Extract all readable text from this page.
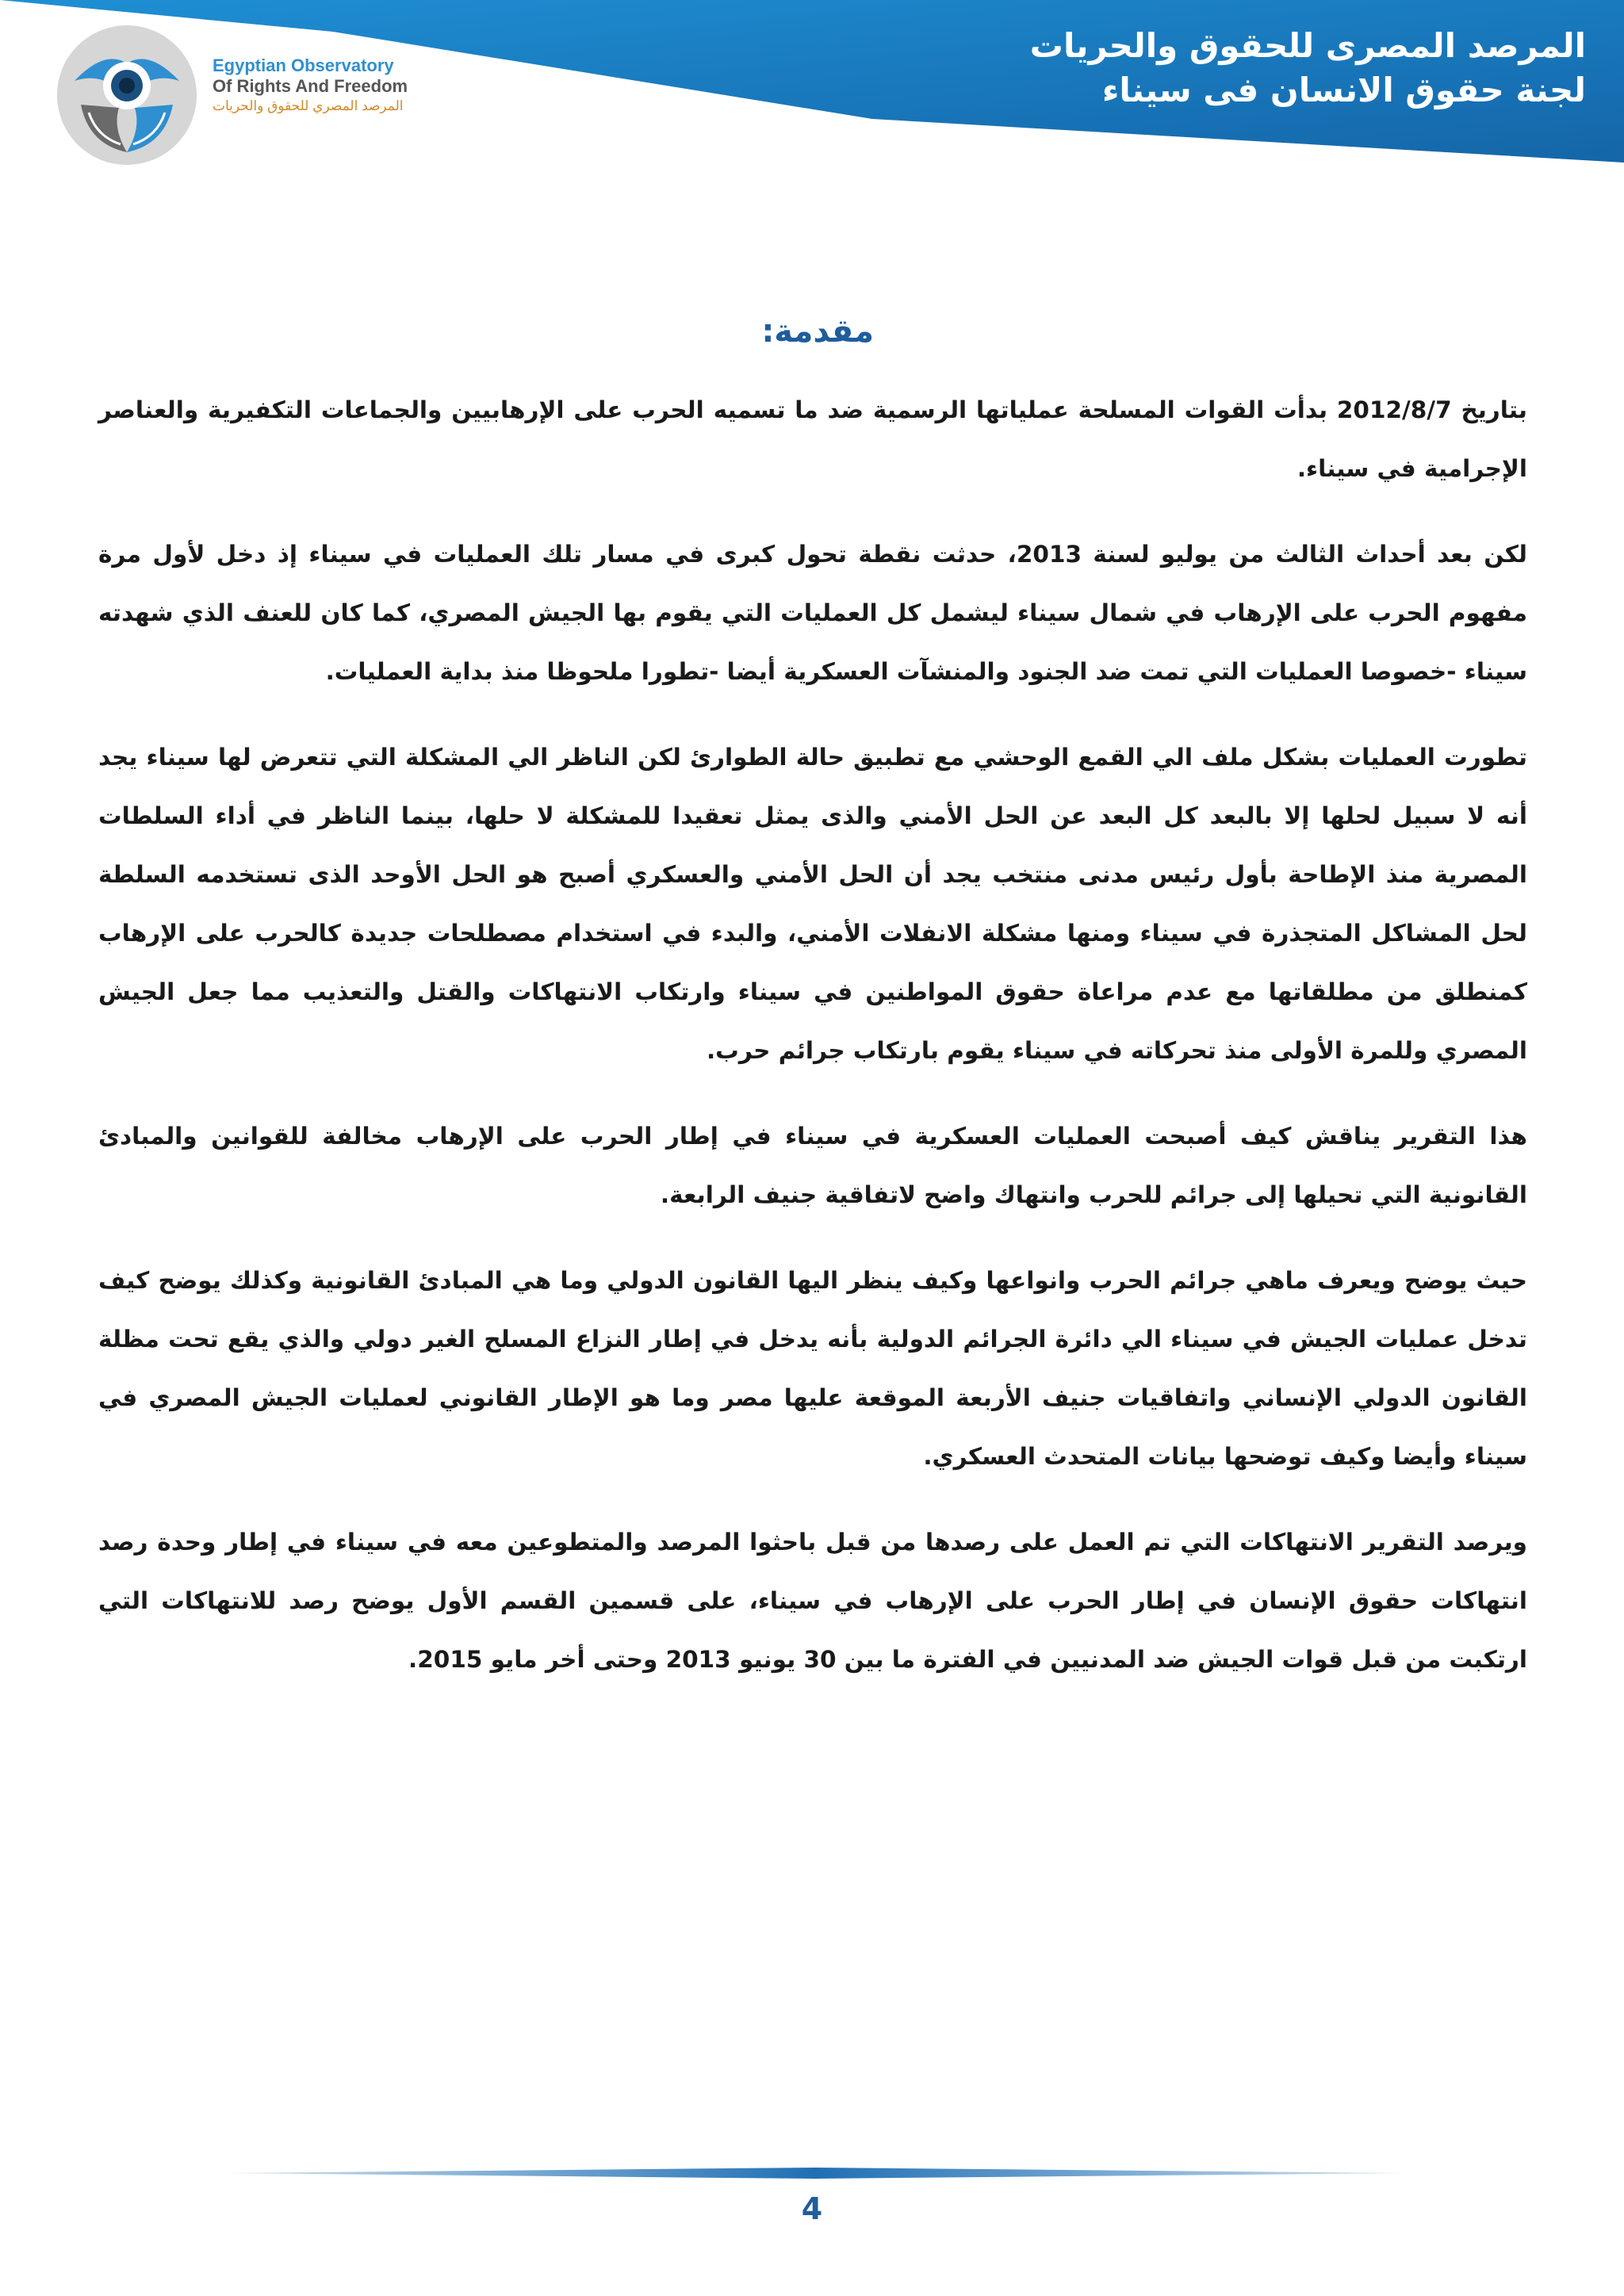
المرصد المصرى للحقوق والحريات
لجنة حقوق الانسان فى سيناء
Egyptian Observatory
Of Rights And Freedom
المرصد المصري للحقوق والحريات
مقدمة:

بتاريخ 2012/8/7 بدأت القوات المسلحة عملياتها الرسمية ضد ما تسميه الحرب على الإرهابيين والجماعات التكفيرية والعناصر الإجرامية في سيناء.

لكن بعد أحداث الثالث من يوليو لسنة 2013، حدثت نقطة تحول كبرى في مسار تلك العمليات في سيناء إذ دخل لأول مرة مفهوم الحرب على الإرهاب في شمال سيناء ليشمل كل العمليات التي يقوم بها الجيش المصري، كما كان للعنف الذي شهدته سيناء -خصوصا العمليات التي تمت ضد الجنود والمنشآت العسكرية أيضا -تطورا ملحوظا منذ بداية العمليات.

تطورت العمليات بشكل ملف الي القمع الوحشي مع تطبيق حالة الطوارئ لكن الناظر الي المشكلة التي تتعرض لها سيناء يجد أنه لا سبيل لحلها إلا بالبعد كل البعد عن الحل الأمني والذى يمثل تعقيدا للمشكلة لا حلها، بينما الناظر في أداء السلطات المصرية منذ الإطاحة بأول رئيس مدنى منتخب يجد أن الحل الأمني والعسكري أصبح هو الحل الأوحد الذى تستخدمه السلطة لحل المشاكل المتجذرة في سيناء ومنها مشكلة الانفلات الأمني، والبدء في استخدام مصطلحات جديدة كالحرب على الإرهاب كمنطلق من مطلقاتها مع عدم مراعاة حقوق المواطنين في سيناء وارتكاب الانتهاكات والقتل والتعذيب مما جعل الجيش المصري وللمرة الأولى منذ تحركاته في سيناء يقوم بارتكاب جرائم حرب.

هذا التقرير يناقش كيف أصبحت العمليات العسكرية في سيناء في إطار الحرب على الإرهاب مخالفة للقوانين والمبادئ القانونية التي تحيلها إلى جرائم للحرب وانتهاك واضح لاتفاقية جنيف الرابعة.

حيث يوضح ويعرف ماهي جرائم الحرب وانواعها وكيف ينظر اليها القانون الدولي وما هي المبادئ القانونية وكذلك يوضح كيف تدخل عمليات الجيش في سيناء الي دائرة الجرائم الدولية بأنه يدخل في إطار النزاع المسلح الغير دولي والذي يقع تحت مظلة القانون الدولي الإنساني واتفاقيات جنيف الأربعة الموقعة عليها مصر وما هو الإطار القانوني لعمليات الجيش المصري في سيناء وأيضا وكيف توضحها بيانات المتحدث العسكري.

ويرصد التقرير الانتهاكات التي تم العمل على رصدها من قبل باحثوا المرصد والمتطوعين معه في سيناء في إطار وحدة رصد انتهاكات حقوق الإنسان في إطار الحرب على الإرهاب في سيناء، على قسمين القسم الأول يوضح رصد للانتهاكات التي ارتكبت من قبل قوات الجيش ضد المدنيين في الفترة ما بين 30 يونيو 2013 وحتى أخر مايو 2015.

4
